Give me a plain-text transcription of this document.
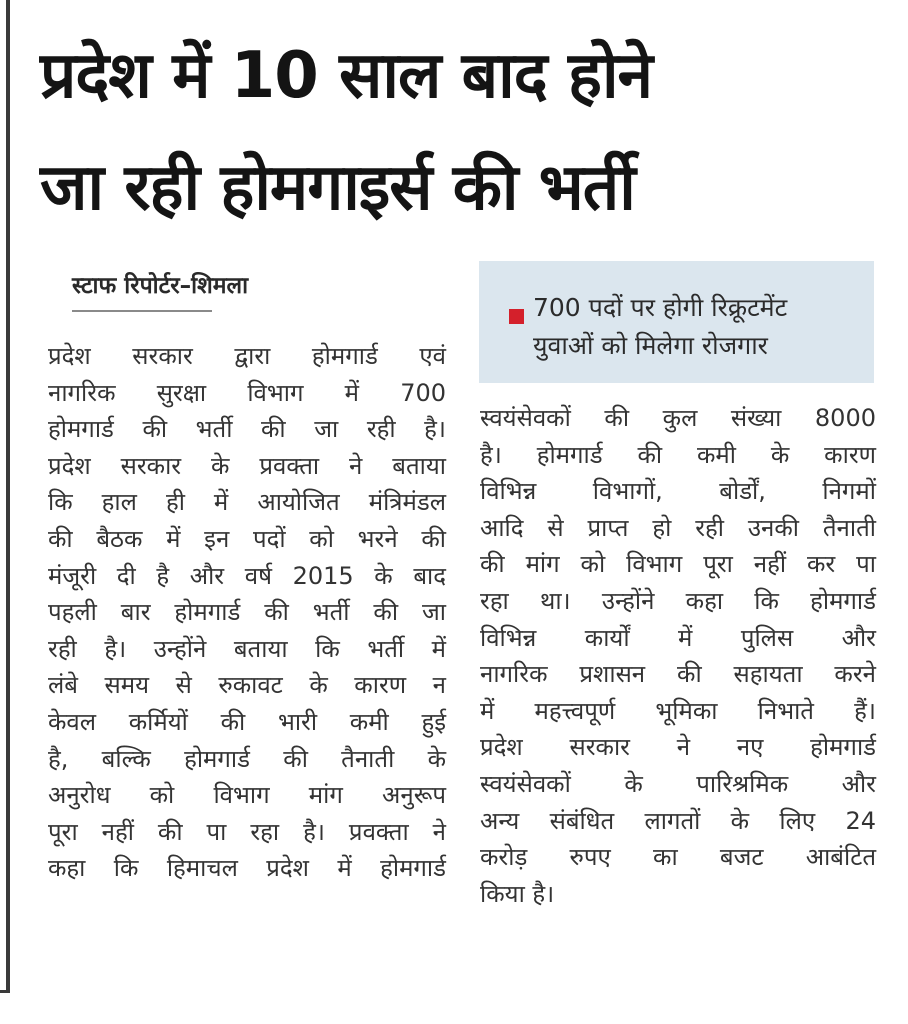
प्रदेश में 10 साल बाद होने
जा रही होमगाइर्स की भर्ती
स्टाफ रिपोर्टर–शिमला
700 पदों पर होगी रिक्रूटमेंट
युवाओं को मिलेगा रोजगार
प्रदेश सरकार द्वारा होमगार्ड एवं
नागरिक सुरक्षा विभाग में 700
होमगार्ड की भर्ती की जा रही है।
प्रदेश सरकार के प्रवक्ता ने बताया
कि हाल ही में आयोजित मंत्रिमंडल
की बैठक में इन पदों को भरने की
मंजूरी दी है और वर्ष 2015 के बाद
पहली बार होमगार्ड की भर्ती की जा
रही है। उन्होंने बताया कि भर्ती में
लंबे समय से रुकावट के कारण न
केवल कर्मियों की भारी कमी हुई
है, बल्कि होमगार्ड की तैनाती के
अनुरोध को विभाग मांग अनुरूप
पूरा नहीं की पा रहा है। प्रवक्ता ने
कहा कि हिमाचल प्रदेश में होमगार्ड
स्वयंसेवकों की कुल संख्या 8000
है। होमगार्ड की कमी के कारण
विभिन्न विभागों, बोर्डों, निगमों
आदि से प्राप्त हो रही उनकी तैनाती
की मांग को विभाग पूरा नहीं कर पा
रहा था। उन्होंने कहा कि होमगार्ड
विभिन्न कार्यों में पुलिस और
नागरिक प्रशासन की सहायता करने
में महत्त्वपूर्ण भूमिका निभाते हैं।
प्रदेश सरकार ने नए होमगार्ड
स्वयंसेवकों के पारिश्रमिक और
अन्य संबंधित लागतों के लिए 24
करोड़ रुपए का बजट आबंटित
किया है।
